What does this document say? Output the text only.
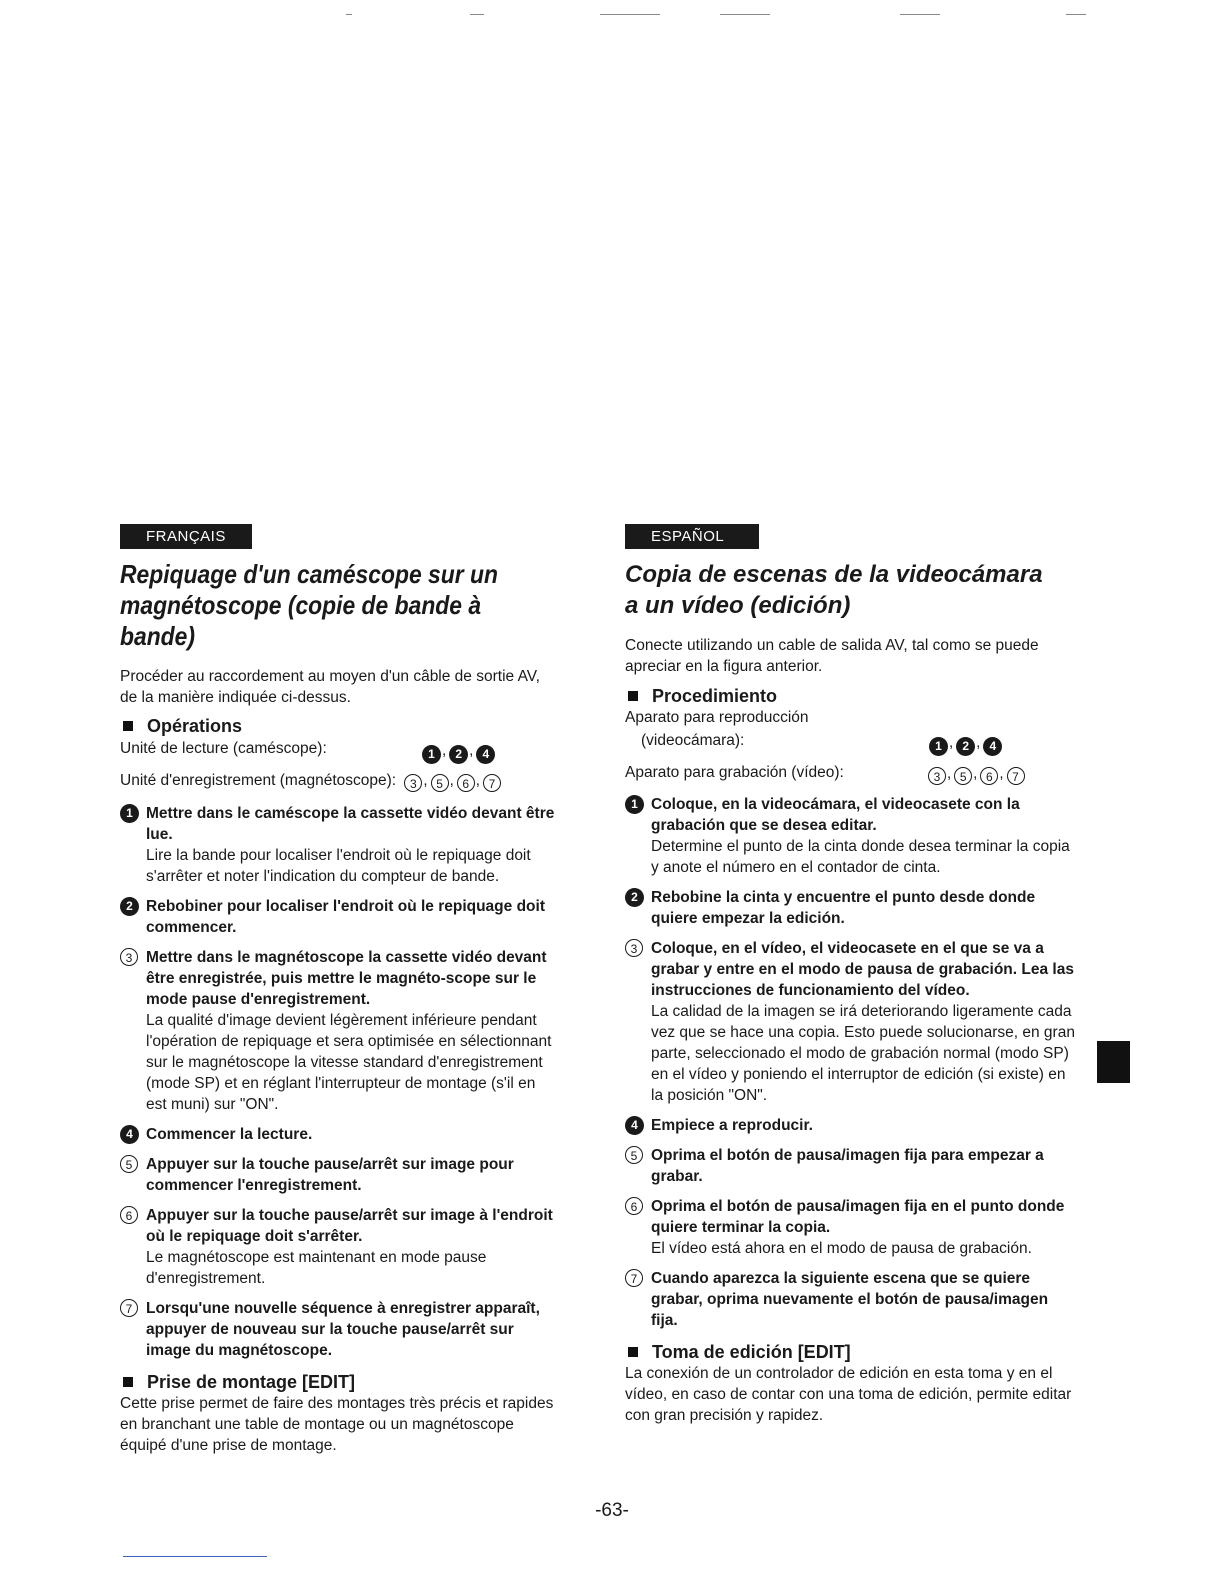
FRANÇAIS
Repiquage d'un caméscope sur un
magnétoscope (copie de bande à bande)

Procéder au raccordement au moyen d'un câble de sortie AV, de la manière indiquée ci-dessus.

Opérations
Unité de lecture (caméscope):	1 , 2 , 4
Unité d'enregistrement (magnétoscope): 3 , 5 , 6 , 7
1 Mettre dans le caméscope la cassette vidéo devant être lue.
Lire la bande pour localiser l'endroit où le repiquage doit s'arrêter et noter l'indication du compteur de bande.
2 Rebobiner pour localiser l'endroit où le repiquage doit commencer.
3 Mettre dans le magnétoscope la cassette vidéo devant être enregistrée, puis mettre le magnéto-scope sur le mode pause d'enregistrement.
La qualité d'image devient légèrement inférieure pendant l'opération de repiquage et sera optimisée en sélectionnant sur le magnétoscope la vitesse standard d'enregistrement (mode SP) et en réglant l'interrupteur de montage (s'il en est muni) sur "ON".
4 Commencer la lecture.
5 Appuyer sur la touche pause/arrêt sur image pour commencer l'enregistrement.
6 Appuyer sur la touche pause/arrêt sur image à l'endroit où le repiquage doit s'arrêter.
Le magnétoscope est maintenant en mode pause d'enregistrement.
7 Lorsqu'une nouvelle séquence à enregistrer apparaît, appuyer de nouveau sur la touche pause/arrêt sur image du magnétoscope.
Prise de montage [EDIT]

Cette prise permet de faire des montages très précis et rapides en branchant une table de montage ou un magnétoscope équipé d'une prise de montage.

ESPAÑOL
Copia de escenas de la videocámara
a un vídeo (edición)

Conecte utilizando un cable de salida AV, tal como se puede apreciar en la figura anterior.

Procedimiento
Aparato para reproducción
(videocámara):	1 , 2 , 4
Aparato para grabación (vídeo):	3 , 5 , 6 , 7
1 Coloque, en la videocámara, el videocasete con la grabación que se desea editar.
Determine el punto de la cinta donde desea terminar la copia y anote el número en el contador de cinta.
2 Rebobine la cinta y encuentre el punto desde donde quiere empezar la edición.
3 Coloque, en el vídeo, el videocasete en el que se va a grabar y entre en el modo de pausa de grabación. Lea las instrucciones de funcionamiento del vídeo.
La calidad de la imagen se irá deteriorando ligeramente cada vez que se hace una copia. Esto puede solucionarse, en gran parte, seleccionado el modo de grabación normal (modo SP) en el vídeo y poniendo el interruptor de edición (si existe) en la posición "ON".
4 Empiece a reproducir.
5 Oprima el botón de pausa/imagen fija para empezar a grabar.
6 Oprima el botón de pausa/imagen fija en el punto donde quiere terminar la copia.
El vídeo está ahora en el modo de pausa de grabación.
7 Cuando aparezca la siguiente escena que se quiere grabar, oprima nuevamente el botón de pausa/imagen fija.
Toma de edición [EDIT]

La conexión de un controlador de edición en esta toma y en el vídeo, en caso de contar con una toma de edición, permite editar con gran precisión y rapidez.

-63-
